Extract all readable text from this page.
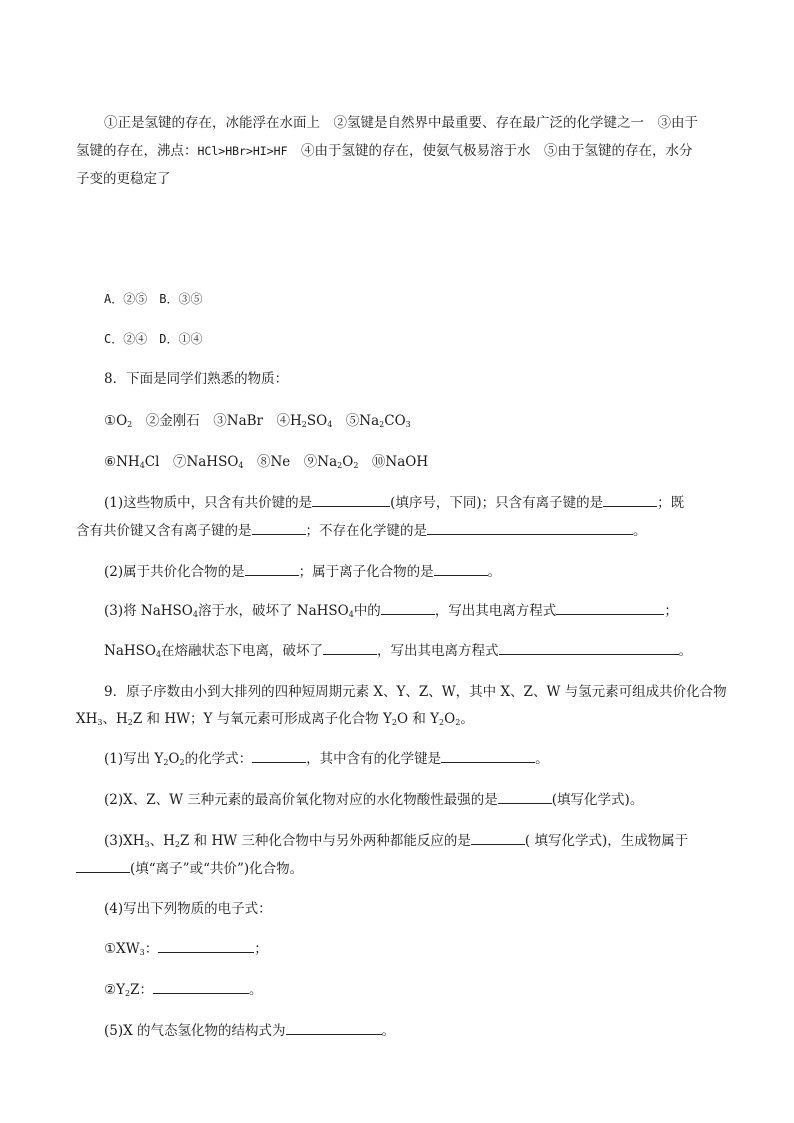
①正是氢键的存在，冰能浮在水面上　②氢键是自然界中最重要、存在最广泛的化学键之一　③由于
氢键的存在，沸点：HCl>HBr>HI>HF　④由于氢键的存在，使氨气极易溶于水　⑤由于氢键的存在，水分
子变的更稳定了
A．②⑤　B．③⑤
C．②④　D．①④
8．下面是同学们熟悉的物质：
$①O_2$　②金刚石　③NaBr　$④H_2SO_4$　$⑤Na_2CO_3$
$⑥NH_4Cl$　⑦NaHSO$_4$　⑧Ne　$⑨Na_2O_2$　⑩NaOH
(1)这些物质中，只含有共价键的是	(填序号，下同)；只含有离子键的是	；既
含有共价键又含有离子键的是	；不存在化学键的是	。
(2)属于共价化合物的是	；属于离子化合物的是	。
(3)将 NaHSO$_4$溶于水，破坏了 NaHSO$_4$中的	，写出其电离方程式	；
NaHSO$_4$在熔融状态下电离，破坏了	，写出其电离方程式	。
9．原子序数由小到大排列的四种短周期元素 X、Y、Z、W，其中 X、Z、W 与氢元素可组成共价化合物
$XH_3$、$H_2Z$ 和 HW；Y 与氧元素可形成离子化合物 $Y_2O$ 和 $Y_2O_2$。
(1)写出 $Y_2O_2$的化学式：	，其中含有的化学键是	。
(2)X、Z、W 三种元素的最高价氧化物对应的水化物酸性最强的是	(填写化学式)。
$(3)XH_3$、$H_2Z$ 和 HW 三种化合物中与另外两种都能反应的是	( 填写化学式)，生成物属于
(填“离子”或“共价”)化合物。
(4)写出下列物质的电子式：
$①XW_3$：	；
$②Y_2Z$：	。
(5)X 的气态氢化物的结构式为	。
